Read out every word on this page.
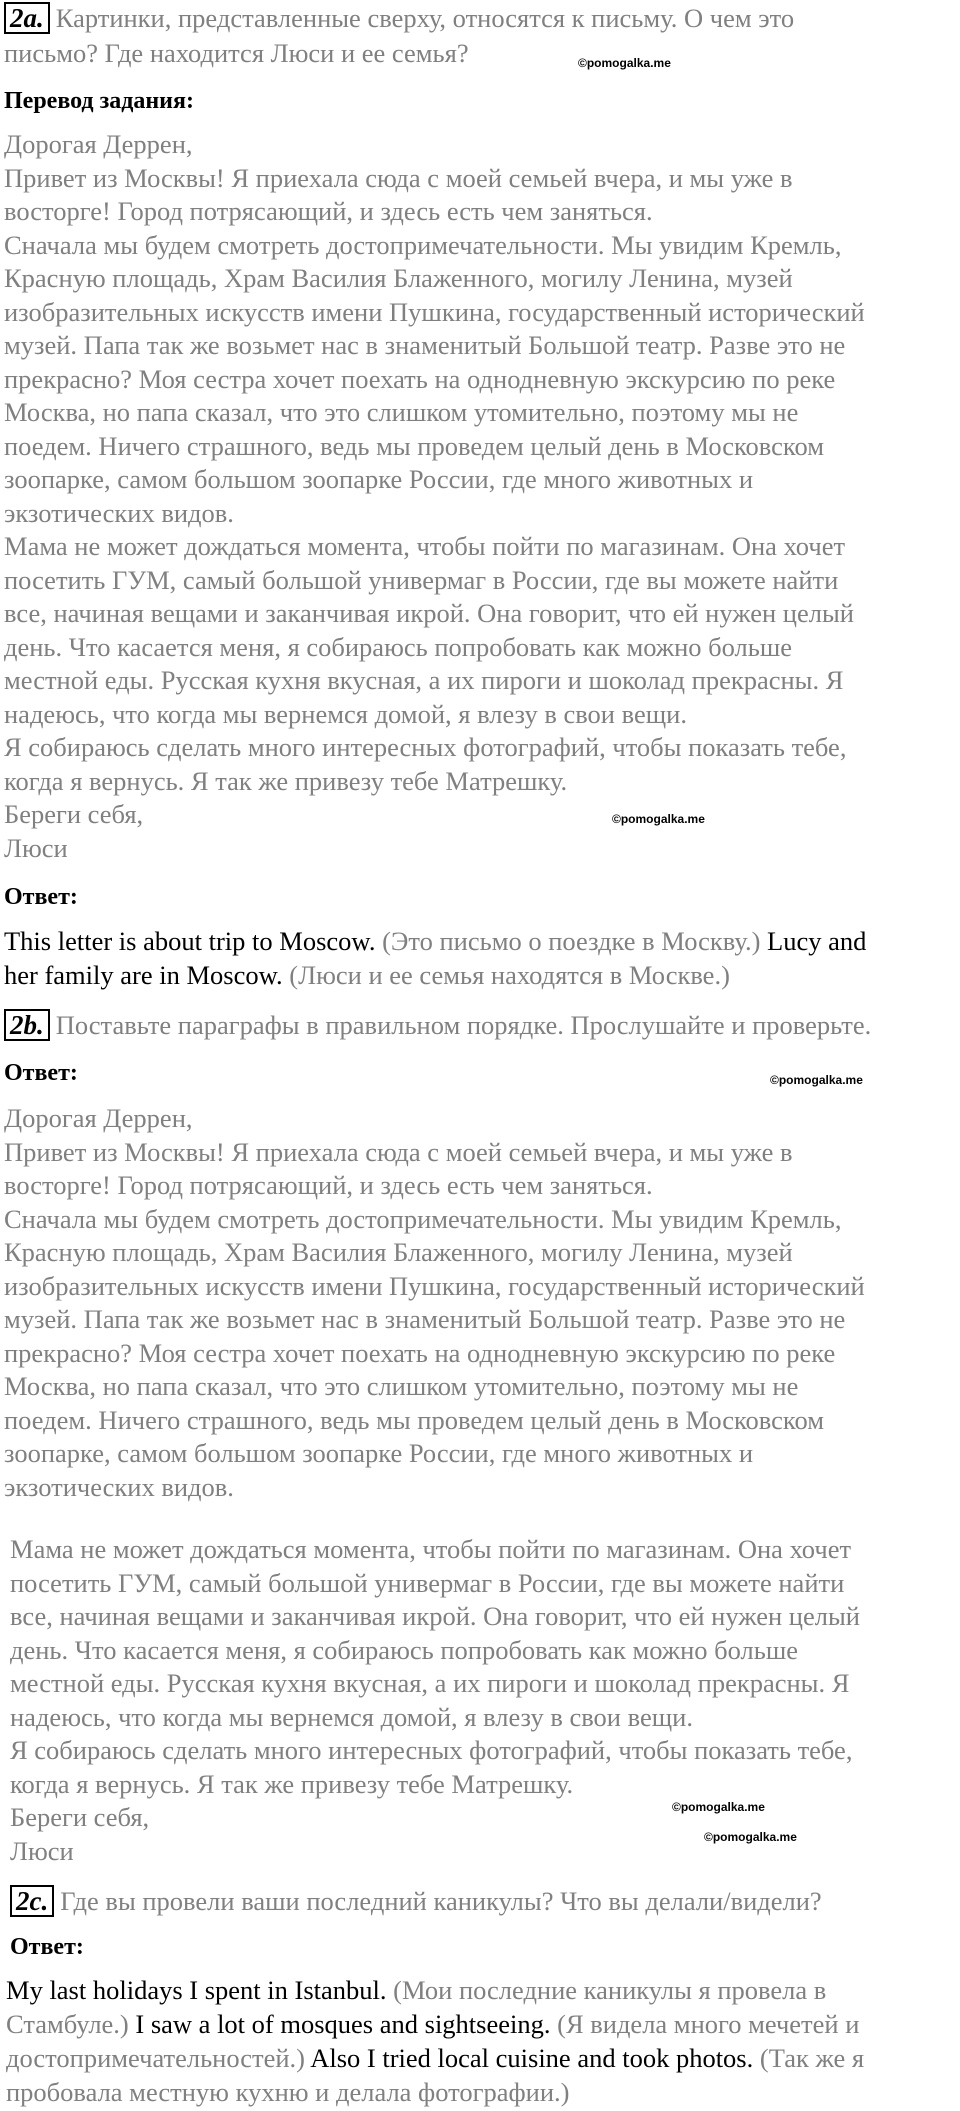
2a. Картинки, представленные сверху, относятся к письму. О чем это
письмо? Где находится Люси и ее семья?	©pomogalka.me
Перевод задания:
Дорогая Деррен,
Привет из Москвы! Я приехала сюда с моей семьей вчера, и мы уже в
восторге! Город потрясающий, и здесь есть чем заняться.
Сначала мы будем смотреть достопримечательности. Мы увидим Кремль,
Красную площадь, Храм Василия Блаженного, могилу Ленина, музей
изобразительных искусств имени Пушкина, государственный исторический
музей. Папа так же возьмет нас в знаменитый Большой театр. Разве это не
прекрасно? Моя сестра хочет поехать на однодневную экскурсию по реке
Москва, но папа сказал, что это слишком утомительно, поэтому мы не
поедем. Ничего страшного, ведь мы проведем целый день в Московском
зоопарке, самом большом зоопарке России, где много животных и
экзотических видов.
Мама не может дождаться момента, чтобы пойти по магазинам. Она хочет
посетить ГУМ, самый большой универмаг в России, где вы можете найти
все, начиная вещами и заканчивая икрой. Она говорит, что ей нужен целый
день. Что касается меня, я собираюсь попробовать как можно больше
местной еды. Русская кухня вкусная, а их пироги и шоколад прекрасны. Я
надеюсь, что когда мы вернемся домой, я влезу в свои вещи.
Я собираюсь сделать много интересных фотографий, чтобы показать тебе,
когда я вернусь. Я так же привезу тебе Матрешку.
Береги себя,
Люси
©pomogalka.me
Ответ:
This letter is about trip to Moscow. (Это письмо о поездке в Москву.) Lucy and
her family are in Moscow. (Люси и ее семья находятся в Москве.)
2b. Поставьте параграфы в правильном порядке. Прослушайте и проверьте.
Ответ:	©pomogalka.me
Дорогая Деррен,
Привет из Москвы! Я приехала сюда с моей семьей вчера, и мы уже в
восторге! Город потрясающий, и здесь есть чем заняться.
Сначала мы будем смотреть достопримечательности. Мы увидим Кремль,
Красную площадь, Храм Василия Блаженного, могилу Ленина, музей
изобразительных искусств имени Пушкина, государственный исторический
музей. Папа так же возьмет нас в знаменитый Большой театр. Разве это не
прекрасно? Моя сестра хочет поехать на однодневную экскурсию по реке
Москва, но папа сказал, что это слишком утомительно, поэтому мы не
поедем. Ничего страшного, ведь мы проведем целый день в Московском
зоопарке, самом большом зоопарке России, где много животных и
экзотических видов.
Мама не может дождаться момента, чтобы пойти по магазинам. Она хочет
посетить ГУМ, самый большой универмаг в России, где вы можете найти
все, начиная вещами и заканчивая икрой. Она говорит, что ей нужен целый
день. Что касается меня, я собираюсь попробовать как можно больше
местной еды. Русская кухня вкусная, а их пироги и шоколад прекрасны. Я
надеюсь, что когда мы вернемся домой, я влезу в свои вещи.
Я собираюсь сделать много интересных фотографий, чтобы показать тебе,
когда я вернусь. Я так же привезу тебе Матрешку.
Береги себя,
Люси
©pomogalka.me
©pomogalka.me
2c. Где вы провели ваши последний каникулы? Что вы делали/видели?
Ответ:
My last holidays I spent in Istanbul. (Мои последние каникулы я провела в Стамбуле.) I saw a lot of mosques and sightseeing. (Я видела много мечетей и достопримечательностей.) Also I tried local cuisine and took photos. (Так же я пробовала местную кухню и делала фотографии.)
